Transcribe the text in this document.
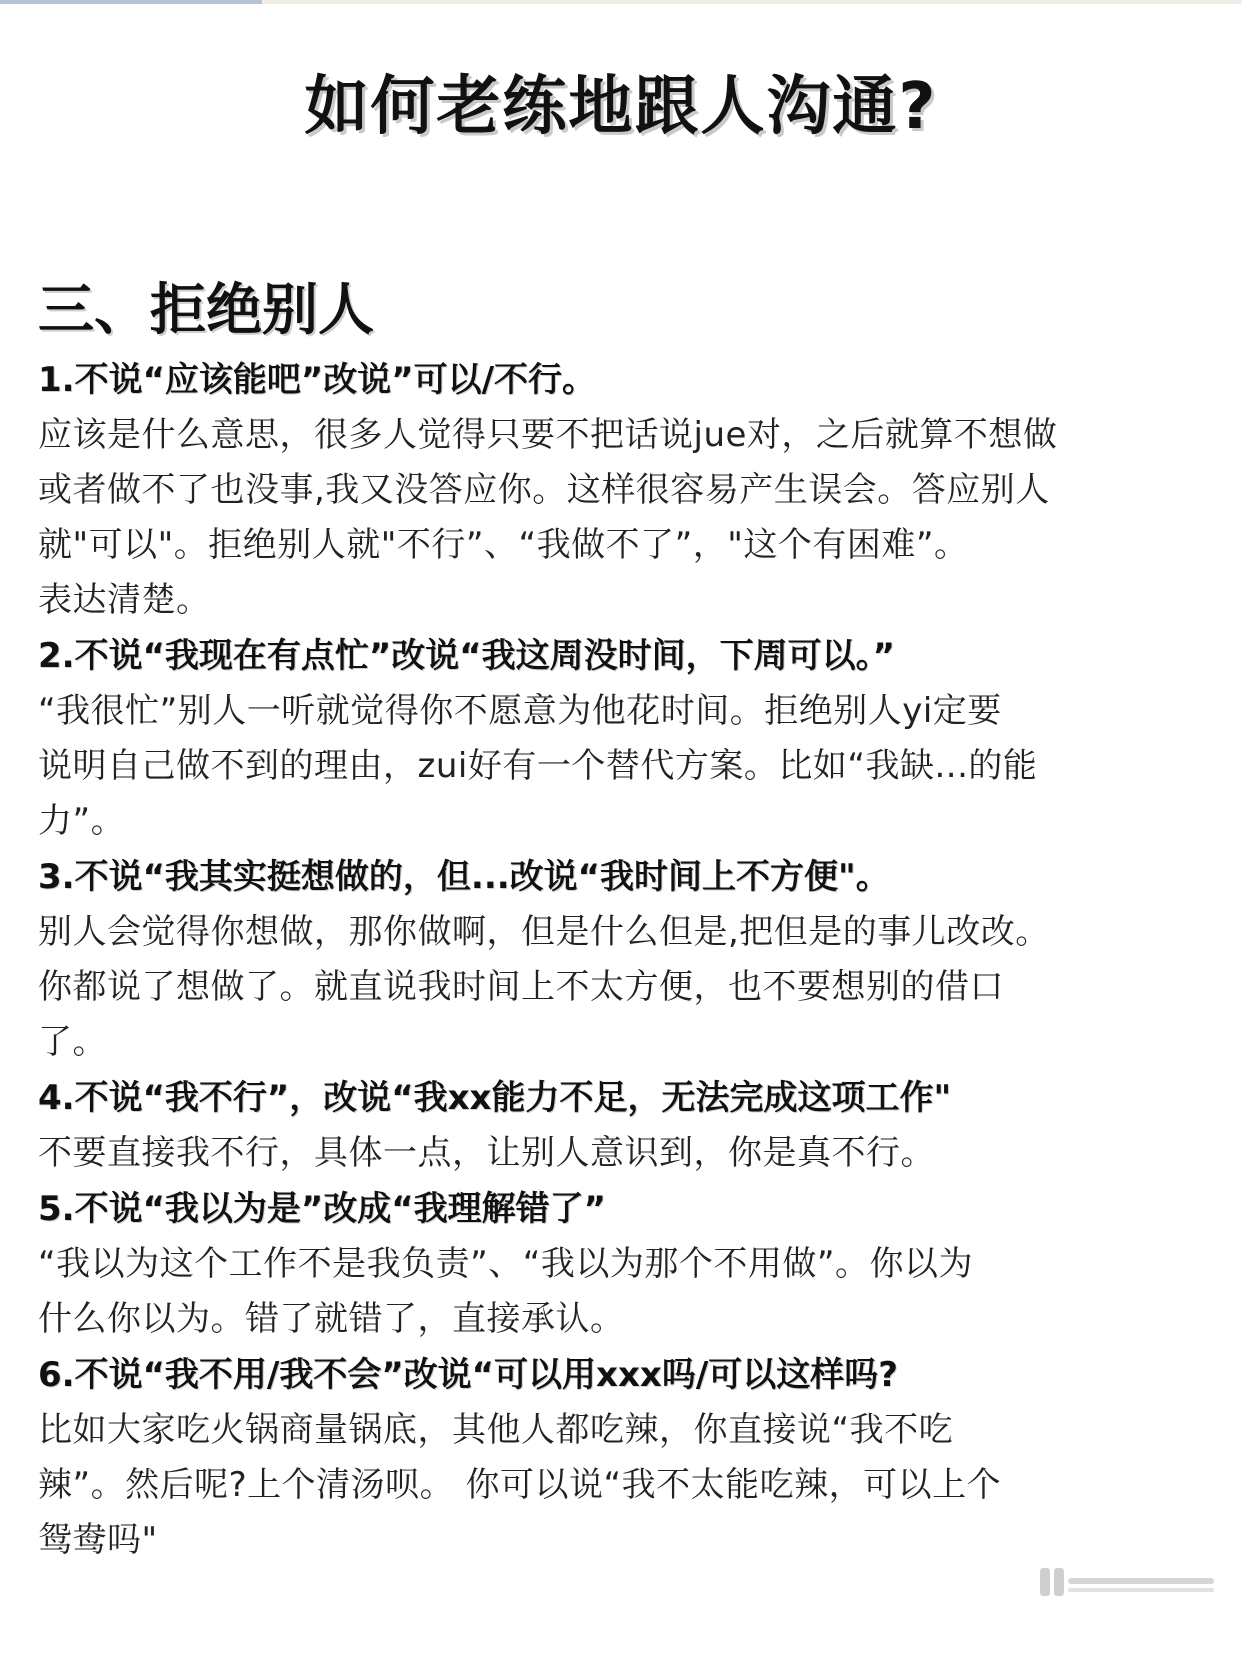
如何老练地跟人沟通?
三、拒绝别人
1.不说“应该能吧”改说”可以/不行。
应该是什么意思，很多人觉得只要不把话说jue对，之后就算不想做
或者做不了也没事,我又没答应你。这样很容易产生误会。答应别人
就"可以"。拒绝别人就"不行”、“我做不了”，"这个有困难”。
表达清楚。
2.不说“我现在有点忙”改说“我这周没时间，下周可以。”
“我很忙”别人一听就觉得你不愿意为他花时间。拒绝别人yi定要
说明自己做不到的理由，zui好有一个替代方案。比如“我缺...的能
力”。
3.不说“我其实挺想做的，但...改说“我时间上不方便"。
别人会觉得你想做，那你做啊，但是什么但是,把但是的事儿改改。
你都说了想做了。就直说我时间上不太方便，也不要想别的借口
了。
4.不说“我不行”，改说“我xx能力不足，无法完成这项工作"
不要直接我不行，具体一点，让别人意识到，你是真不行。
5.不说“我以为是”改成“我理解错了”
“我以为这个工作不是我负责”、“我以为那个不用做”。你以为
什么你以为。错了就错了，直接承认。
6.不说“我不用/我不会”改说“可以用xxx吗/可以这样吗?
比如大家吃火锅商量锅底，其他人都吃辣，你直接说“我不吃
辣”。然后呢?上个清汤呗。 你可以说“我不太能吃辣，可以上个
鸳鸯吗"
